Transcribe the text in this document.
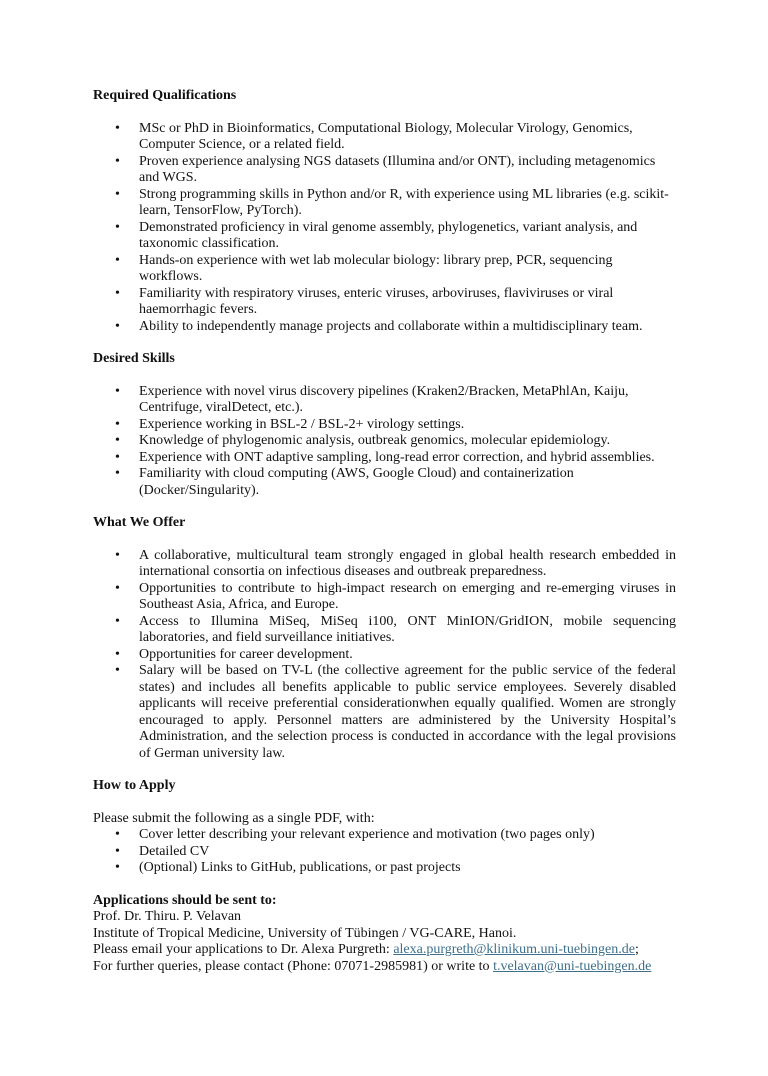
Required Qualifications
• MSc or PhD in Bioinformatics, Computational Biology, Molecular Virology, Genomics, Computer Science, or a related field.
• Proven experience analysing NGS datasets (Illumina and/or ONT), including metagenomics and WGS.
• Strong programming skills in Python and/or R, with experience using ML libraries (e.g. scikit-learn, TensorFlow, PyTorch).
• Demonstrated proficiency in viral genome assembly, phylogenetics, variant analysis, and taxonomic classification.
• Hands-on experience with wet lab molecular biology: library prep, PCR, sequencing workflows.
• Familiarity with respiratory viruses, enteric viruses, arboviruses, flaviviruses or viral haemorrhagic fevers.
• Ability to independently manage projects and collaborate within a multidisciplinary team.
Desired Skills
• Experience with novel virus discovery pipelines (Kraken2/Bracken, MetaPhlAn, Kaiju, Centrifuge, viralDetect, etc.).
• Experience working in BSL-2 / BSL-2+ virology settings.
• Knowledge of phylogenomic analysis, outbreak genomics, molecular epidemiology.
• Experience with ONT adaptive sampling, long-read error correction, and hybrid assemblies.
• Familiarity with cloud computing (AWS, Google Cloud) and containerization (Docker/Singularity).
What We Offer
• A collaborative, multicultural team strongly engaged in global health research embedded in international consortia on infectious diseases and outbreak preparedness.
• Opportunities to contribute to high-impact research on emerging and re-emerging viruses in Southeast Asia, Africa, and Europe.
• Access to Illumina MiSeq, MiSeq i100, ONT MinION/GridION, mobile sequencing laboratories, and field surveillance initiatives.
• Opportunities for career development.
• Salary will be based on TV-L (the collective agreement for the public service of the federal states) and includes all benefits applicable to public service employees. Severely disabled applicants will receive preferential considerationwhen equally qualified. Women are strongly encouraged to apply. Personnel matters are administered by the University Hospital’s Administration, and the selection process is conducted in accordance with the legal provisions of German university law.
How to Apply

Please submit the following as a single PDF, with:

• Cover letter describing your relevant experience and motivation (two pages only)
• Detailed CV
• (Optional) Links to GitHub, publications, or past projects
Applications should be sent to:

Prof. Dr. Thiru. P. Velavan

Institute of Tropical Medicine, University of Tübingen / VG-CARE, Hanoi.

Pleass email your applications to Dr. Alexa Purgreth: alexa.purgreth@klinikum.uni-tuebingen.de;

For further queries, please contact (Phone: 07071-2985981) or write to t.velavan@uni-tuebingen.de
